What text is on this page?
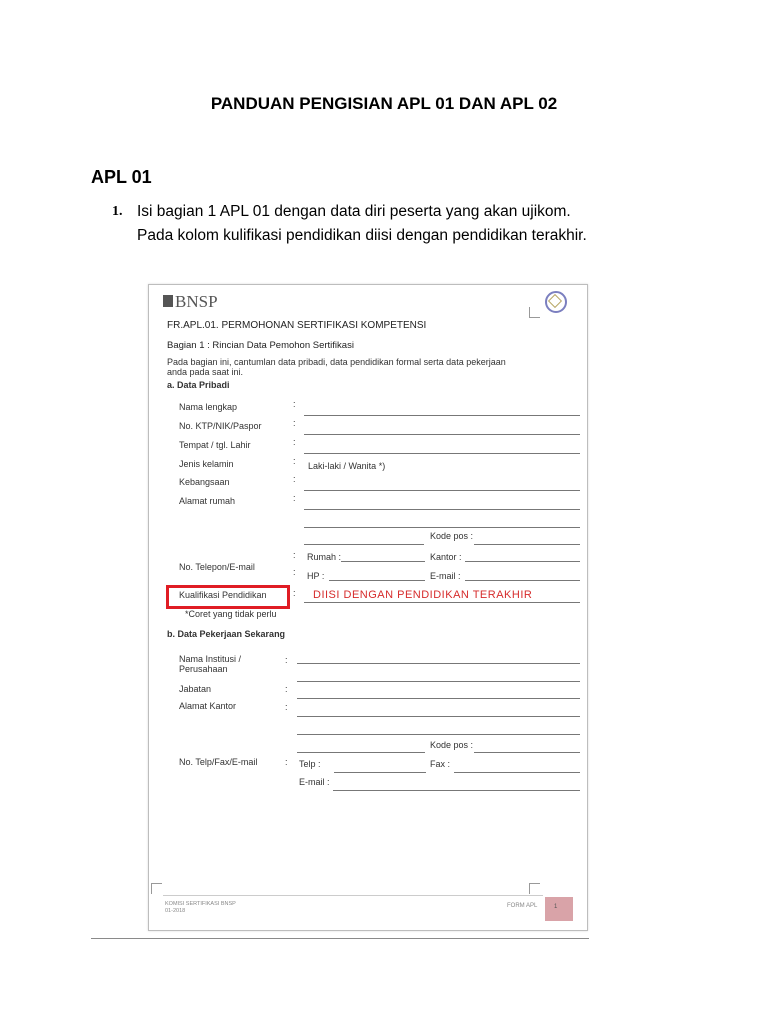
PANDUAN PENGISIAN APL 01 DAN APL 02
APL 01
1. Isi bagian 1 APL 01 dengan data diri peserta yang akan ujikom.
Pada kolom kulifikasi pendidikan diisi dengan pendidikan terakhir.
BNSP
FR.APL.01. PERMOHONAN SERTIFIKASI KOMPETENSI
Bagian 1 : Rincian Data Pemohon Sertifikasi
Pada bagian ini, cantumlan data pribadi, data pendidikan formal serta data pekerjaan
anda pada saat ini.
a. Data Pribadi
Nama lengkap	:
No. KTP/NIK/Paspor	:
Tempat / tgl. Lahir	:
Jenis kelamin	: Laki-laki / Wanita *)
Kebangsaan	:
Alamat rumah	:
Kode pos :
: Rumah :	Kantor :
No. Telepon/E-mail	: HP :	E-mail :
Kualifikasi Pendidikan	: DIISI DENGAN PENDIDIKAN TERAKHIR
*Coret yang tidak perlu
b. Data Pekerjaan Sekarang
Nama Institusi /
Perusahaan
:
Jabatan	:
Alamat Kantor	:
Kode pos :
No. Telp/Fax/E-mail	: Telp :	Fax :
E-mail :
KOMISI SERTIFIKASI BNSP
01-2018
FORM APL	1
